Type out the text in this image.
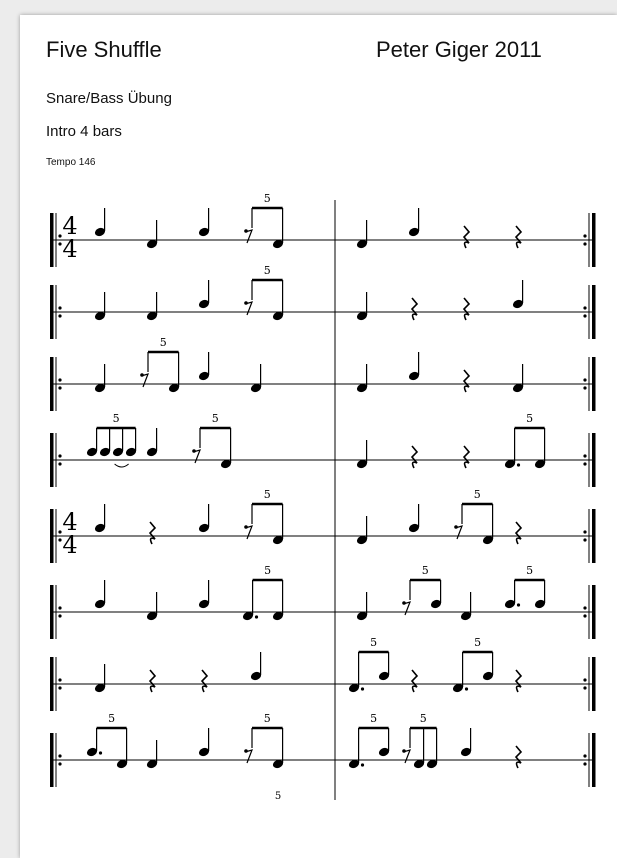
Five Shuffle	Peter Giger 2011
Snare/Bass Übung
Intro 4 bars
Tempo 146
4
4
5
5
5
5	5	5
4
4
5	5
5	5	5
5	5
5	5	5	5
5
